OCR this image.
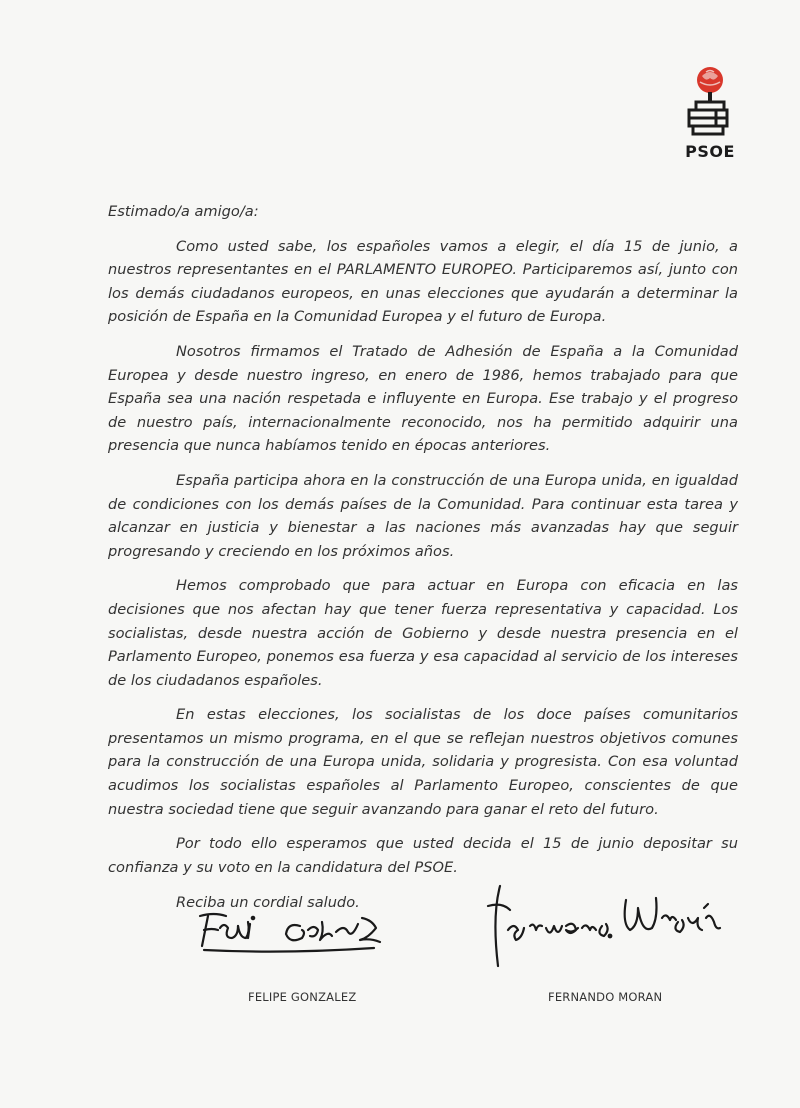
PSOE

Estimado/a amigo/a:

Como usted sabe, los españoles vamos a elegir, el día 15 de junio, a nuestros representantes en el PARLAMENTO EUROPEO. Participaremos así, junto con los demás ciudadanos europeos, en unas elecciones que ayudarán a determinar la posición de España en la Comunidad Europea y el futuro de Europa.

Nosotros firmamos el Tratado de Adhesión de España a la Comunidad Europea y desde nuestro ingreso, en enero de 1986, hemos trabajado para que España sea una nación respetada e influyente en Europa. Ese trabajo y el progreso de nuestro país, internacionalmente reconocido, nos ha permitido adquirir una presencia que nunca habíamos tenido en épocas anteriores.

España participa ahora en la construcción de una Europa unida, en igualdad de condiciones con los demás países de la Comunidad. Para continuar esta tarea y alcanzar en justicia y bienestar a las naciones más avanzadas hay que seguir progresando y creciendo en los próximos años.

Hemos comprobado que para actuar en Europa con eficacia en las decisiones que nos afectan hay que tener fuerza representativa y capacidad. Los socialistas, desde nuestra acción de Gobierno y desde nuestra presencia en el Parlamento Europeo, ponemos esa fuerza y esa capacidad al servicio de los intereses de los ciudadanos españoles.

En estas elecciones, los socialistas de los doce países comunitarios presentamos un mismo programa, en el que se reflejan nuestros objetivos comunes para la construcción de una Europa unida, solidaria y progresista. Con esa voluntad acudimos los socialistas españoles al Parlamento Europeo, conscientes de que nuestra sociedad tiene que seguir avanzando para ganar el reto del futuro.

Por todo ello esperamos que usted decida el 15 de junio depositar su confianza y su voto en la candidatura del PSOE.

Reciba un cordial saludo.

FELIPE GONZALEZ	FERNANDO MORAN
